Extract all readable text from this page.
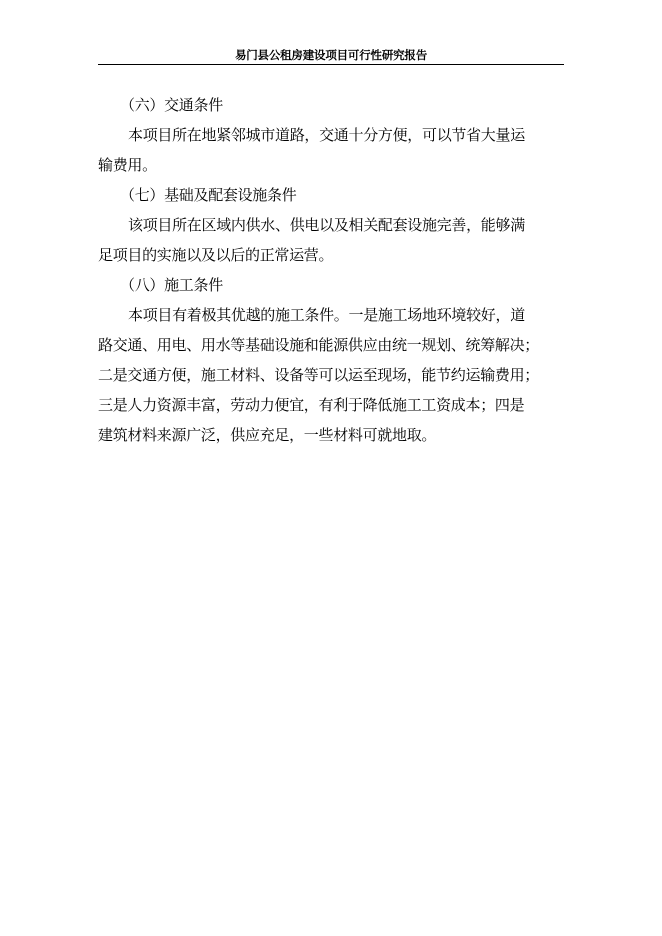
易门县公租房建设项目可行性研究报告
（六）交通条件
本项目所在地紧邻城市道路，交通十分方便，可以节省大量运
输费用。
（七）基础及配套设施条件
该项目所在区域内供水、供电以及相关配套设施完善，能够满
足项目的实施以及以后的正常运营。
（八）施工条件
本项目有着极其优越的施工条件。一是施工场地环境较好，道
路交通、用电、用水等基础设施和能源供应由统一规划、统筹解决；
二是交通方便，施工材料、设备等可以运至现场，能节约运输费用；
三是人力资源丰富，劳动力便宜，有利于降低施工工资成本；四是
建筑材料来源广泛，供应充足，一些材料可就地取。
